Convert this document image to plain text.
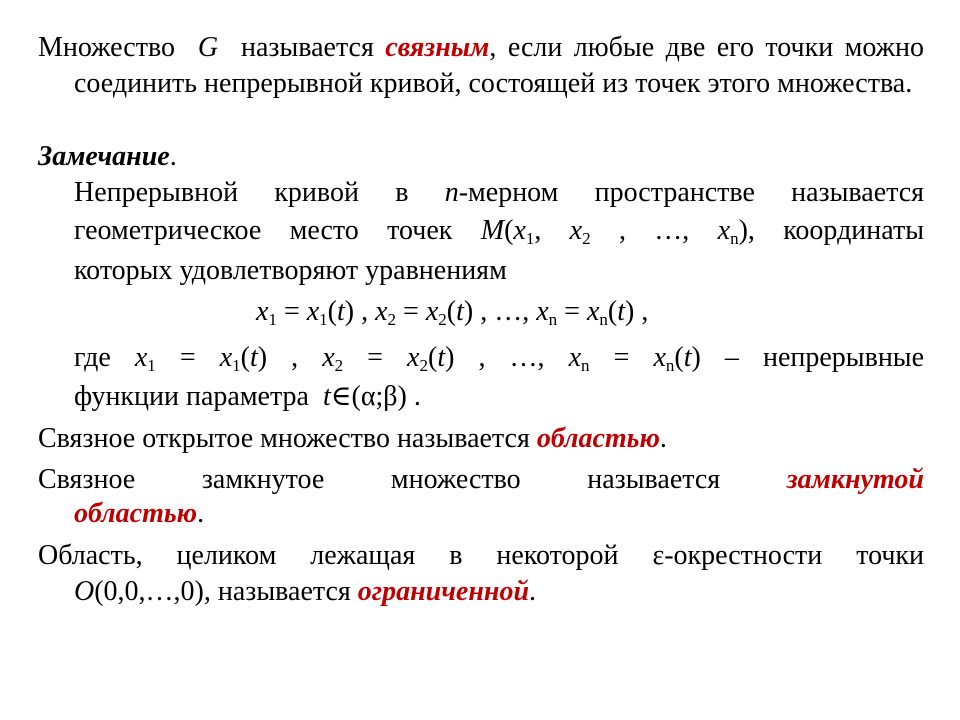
Множество G называется связным, если любые две его точки можно соединить непрерывной кривой, состоящей из точек этого множества.
Замечание.
Непрерывной кривой в n-мерном пространстве называется
геометрическое место точек $M(x_1$, $x_2$ , …, $x_n$), координаты
которых удовлетворяют уравнениям
$x_1 = x_1(t)$ , $x_2 = x_2(t)$ , …, $x_n = x_n(t)$ ,
где $x_1 = x_1(t)$ , $x_2 = x_2(t)$ , …, $x_n = x_n(t)$ – непрерывные
функции параметра t∈(α;β) .
Связное открытое множество называется областью.
Связное замкнутое множество называется замкнутой
областью.
Область, целиком лежащая в некоторой ε-окрестности точки
O(0,0,…,0), называется ограниченной.
